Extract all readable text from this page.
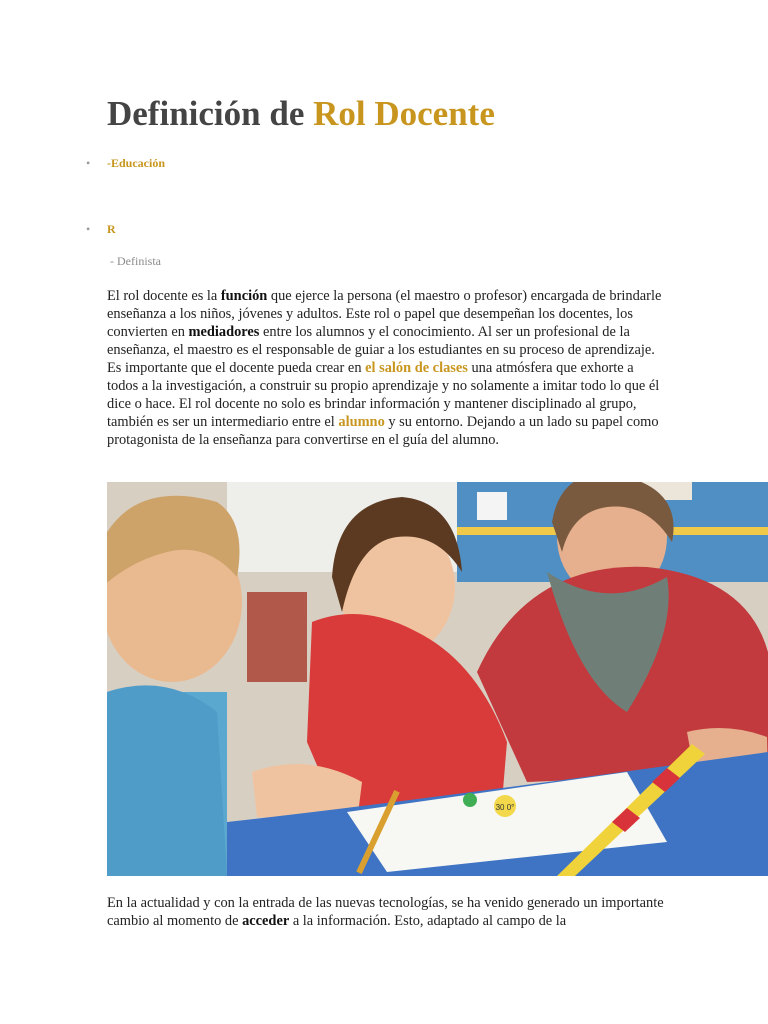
Definición de Rol Docente
• -Educación
• R
- Definista

El rol docente es la función que ejerce la persona (el maestro o profesor) encargada de brindarle enseñanza a los niños, jóvenes y adultos. Este rol o papel que desempeñan los docentes, los convierten en mediadores entre los alumnos y el conocimiento. Al ser un profesional de la enseñanza, el maestro es el responsable de guiar a los estudiantes en su proceso de aprendizaje. Es importante que el docente pueda crear en el salón de clases una atmósfera que exhorte a todos a la investigación, a construir su propio aprendizaje y no solamente a imitar todo lo que él dice o hace. El rol docente no solo es brindar información y mantener disciplinado al grupo, también es ser un intermediario entre el alumno y su entorno. Dejando a un lado su papel como protagonista de la enseñanza para convertirse en el guía del alumno.

30 0°

En la actualidad y con la entrada de las nuevas tecnologías, se ha venido generado un importante cambio al momento de acceder a la información. Esto, adaptado al campo de la
